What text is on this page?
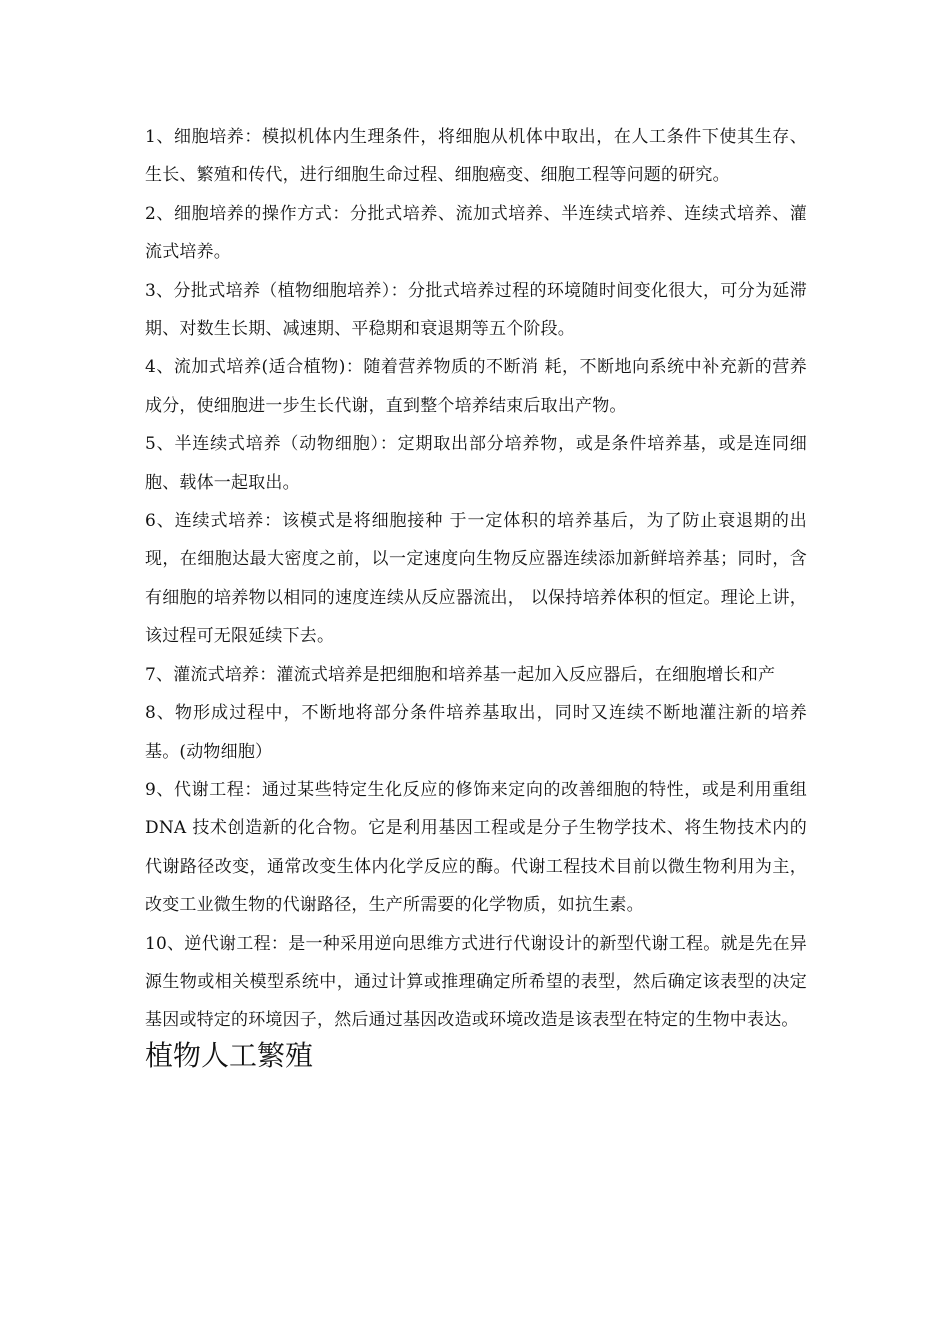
1、细胞培养：模拟机体内生理条件，将细胞从机体中取出，在人工条件下使其生存、生长、繁殖和传代，进行细胞生命过程、细胞癌变、细胞工程等问题的研究。

2、细胞培养的操作方式：分批式培养、流加式培养、半连续式培养、连续式培养、灌流式培养。

3、分批式培养（植物细胞培养）：分批式培养过程的环境随时间变化很大，可分为延滞期、对数生长期、减速期、平稳期和衰退期等五个阶段。

4、流加式培养(适合植物)：随着营养物质的不断消 耗，不断地向系统中补充新的营养成分，使细胞进一步生长代谢，直到整个培养结束后取出产物。

5、半连续式培养（动物细胞）：定期取出部分培养物，或是条件培养基，或是连同细胞、载体一起取出。

6、连续式培养：该模式是将细胞接种 于一定体积的培养基后，为了防止衰退期的出现，在细胞达最大密度之前，以一定速度向生物反应器连续添加新鲜培养基；同时，含有细胞的培养物以相同的速度连续从反应器流出， 以保持培养体积的恒定。理论上讲，该过程可无限延续下去。

7、灌流式培养：灌流式培养是把细胞和培养基一起加入反应器后，在细胞增长和产

8、物形成过程中，不断地将部分条件培养基取出，同时又连续不断地灌注新的培养基。(动物细胞）

9、代谢工程：通过某些特定生化反应的修饰来定向的改善细胞的特性，或是利用重组 DNA 技术创造新的化合物。它是利用基因工程或是分子生物学技术、将生物技术内的代谢路径改变，通常改变生体内化学反应的酶。代谢工程技术目前以微生物利用为主，改变工业微生物的代谢路径，生产所需要的化学物质，如抗生素。

10、逆代谢工程：是一种采用逆向思维方式进行代谢设计的新型代谢工程。就是先在异源生物或相关模型系统中，通过计算或推理确定所希望的表型，然后确定该表型的决定基因或特定的环境因子，然后通过基因改造或环境改造是该表型在特定的生物中表达。

植物人工繁殖
